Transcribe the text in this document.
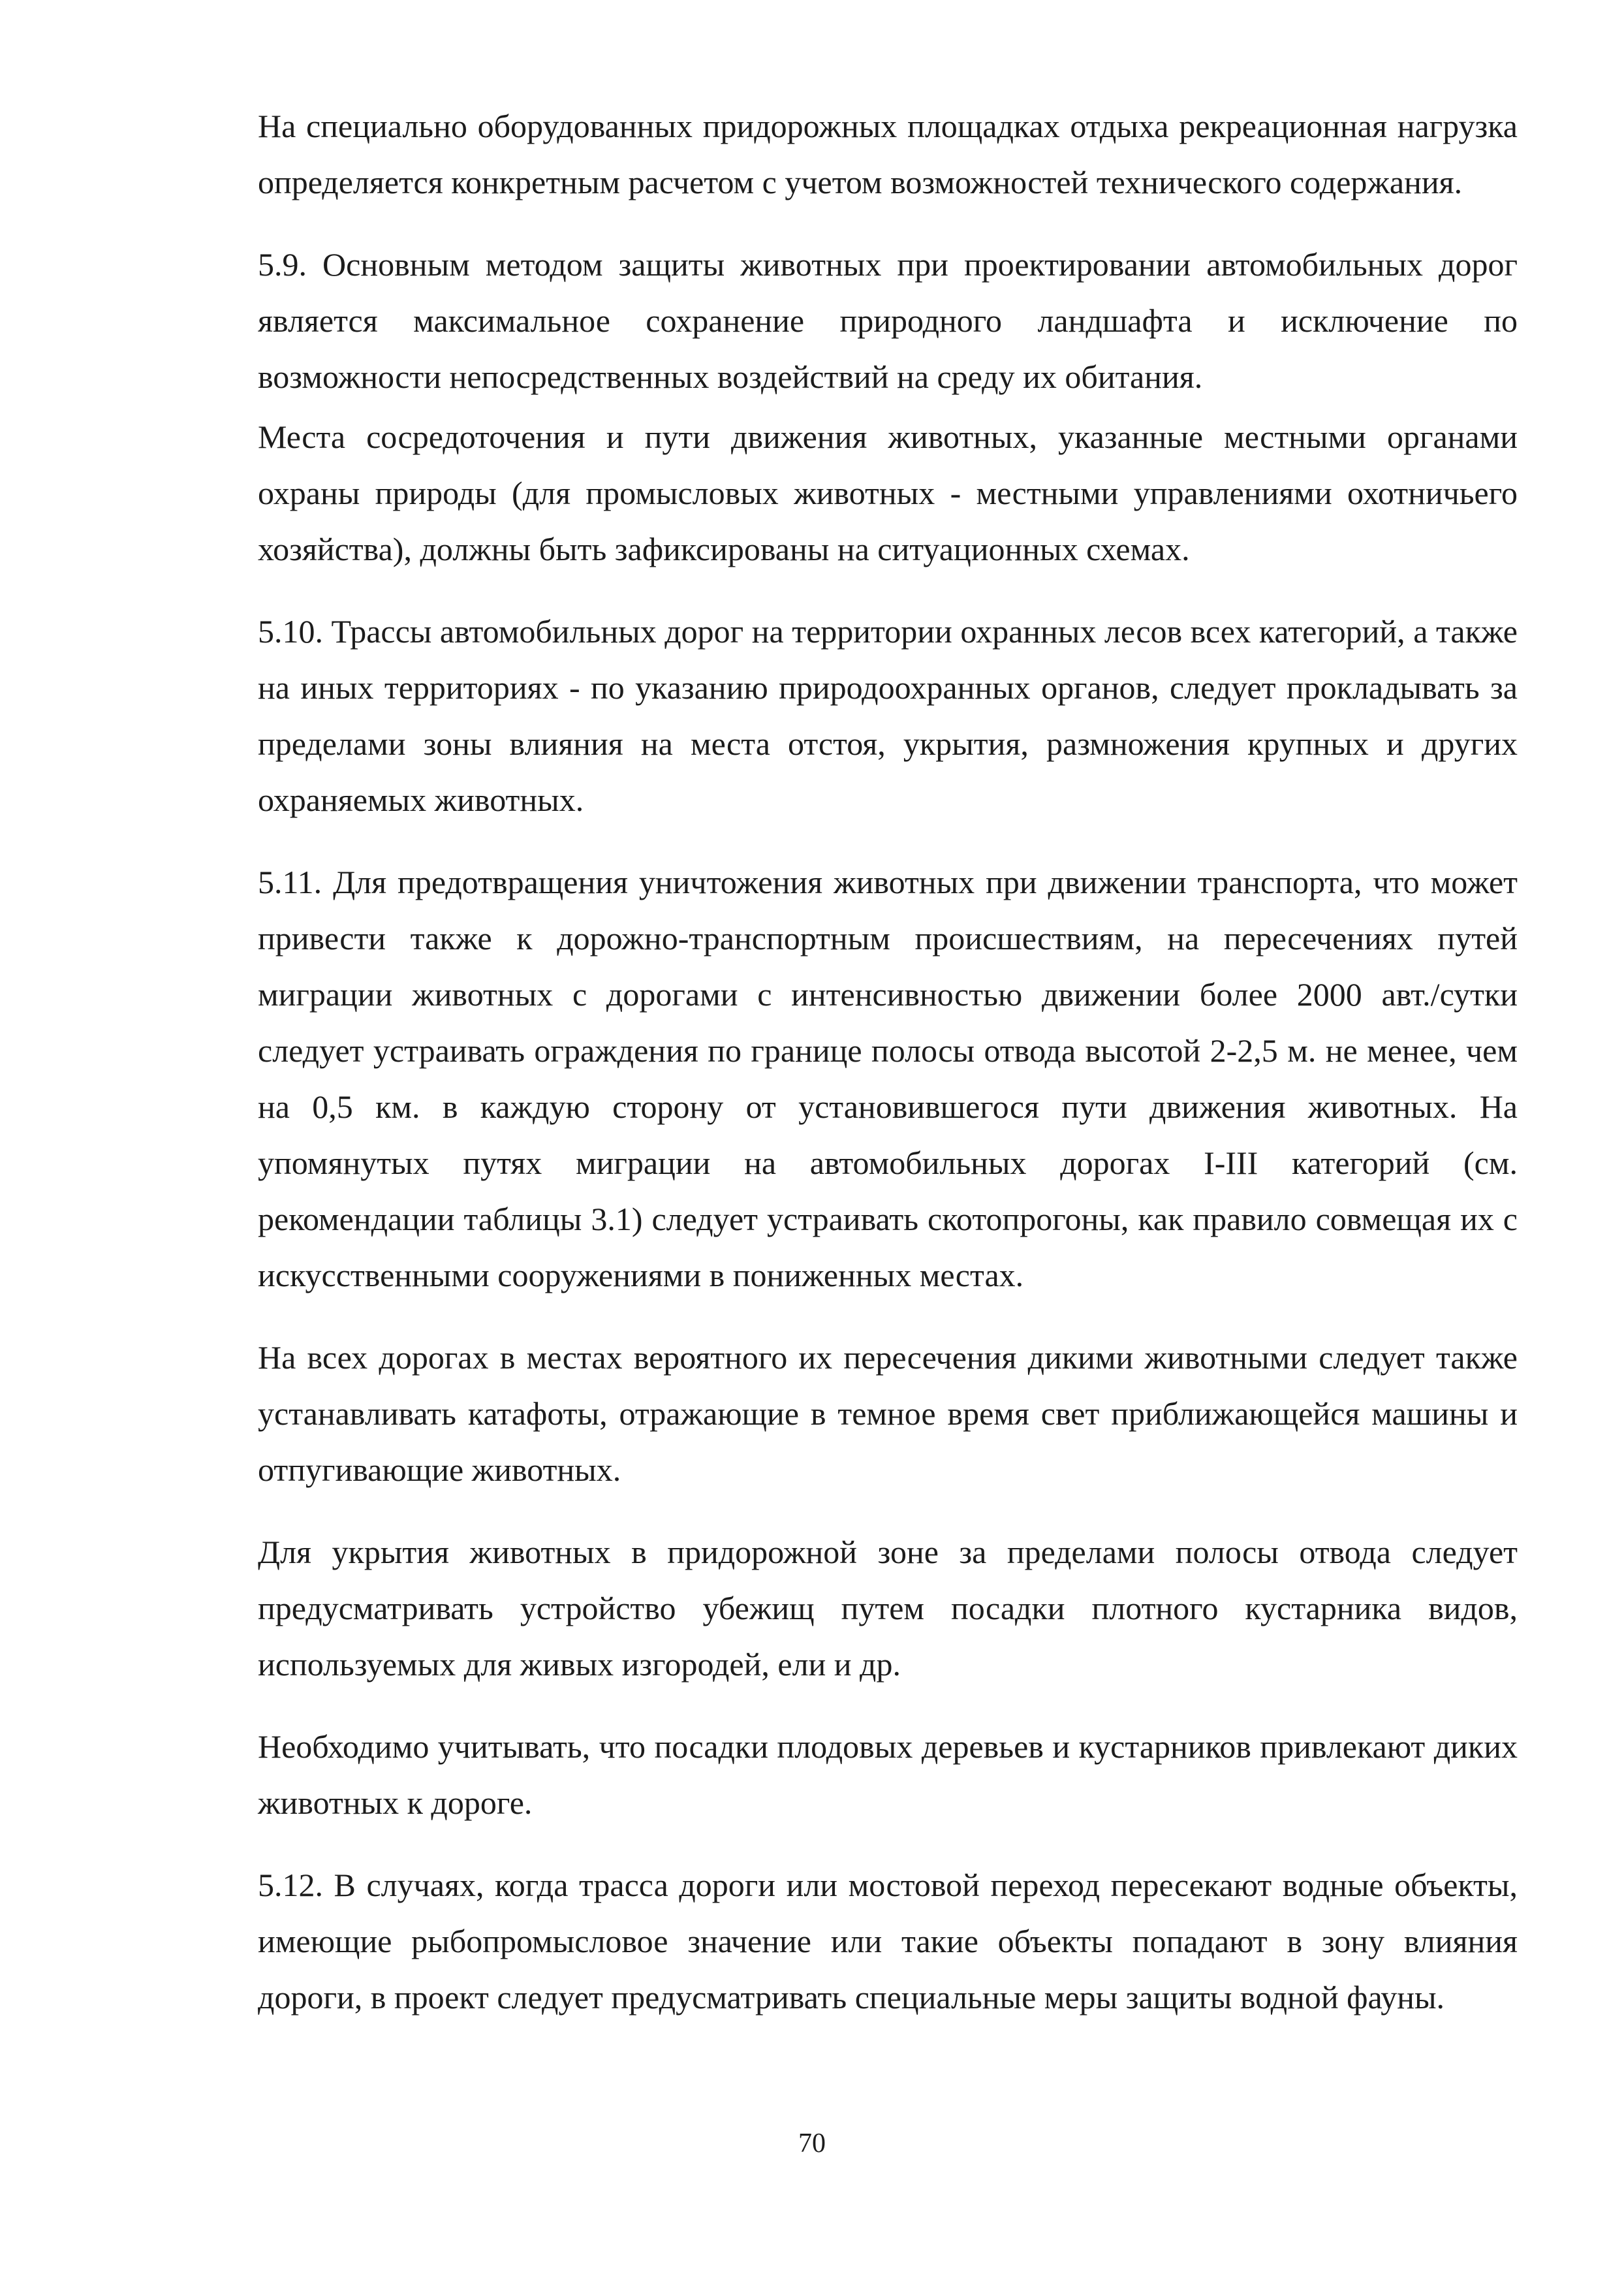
На специально оборудованных придорожных площадках отдыха рекреационная нагрузка определяется конкретным расчетом с учетом возможностей технического содержания.

5.9. Основным методом защиты животных при проектировании автомобильных дорог является максимальное сохранение природного ландшафта и исключение по возможности непосредственных воздействий на среду их обитания.

Места сосредоточения и пути движения животных, указанные местными органами охраны природы (для промысловых животных - местными управлениями охотничьего хозяйства), должны быть зафиксированы на ситуационных схемах.

5.10. Трассы автомобильных дорог на территории охранных лесов всех категорий, а также на иных территориях - по указанию природоохранных органов, следует прокладывать за пределами зоны влияния на места отстоя, укрытия, размножения крупных и других охраняемых животных.

5.11. Для предотвращения уничтожения животных при движении транспорта, что может привести также к дорожно-транспортным происшествиям, на пересечениях путей миграции животных с дорогами с интенсивностью движении более 2000 авт./сутки следует устраивать ограждения по границе полосы отвода высотой 2-2,5 м. не менее, чем на 0,5 км. в каждую сторону от установившегося пути движения животных. На упомянутых путях миграции на автомобильных дорогах I-III категорий (см. рекомендации таблицы 3.1) следует устраивать скотопрогоны, как правило совмещая их с искусственными сооружениями в пониженных местах.

На всех дорогах в местах вероятного их пересечения дикими животными следует также устанавливать катафоты, отражающие в темное время свет приближающейся машины и отпугивающие животных.

Для укрытия животных в придорожной зоне за пределами полосы отвода следует предусматривать устройство убежищ путем посадки плотного кустарника видов, используемых для живых изгородей, ели и др.

Необходимо учитывать, что посадки плодовых деревьев и кустарников привлекают диких животных к дороге.

5.12. В случаях, когда трасса дороги или мостовой переход пересекают водные объекты, имеющие рыбопромысловое значение или такие объекты попадают в зону влияния дороги, в проект следует предусматривать специальные меры защиты водной фауны.

70
